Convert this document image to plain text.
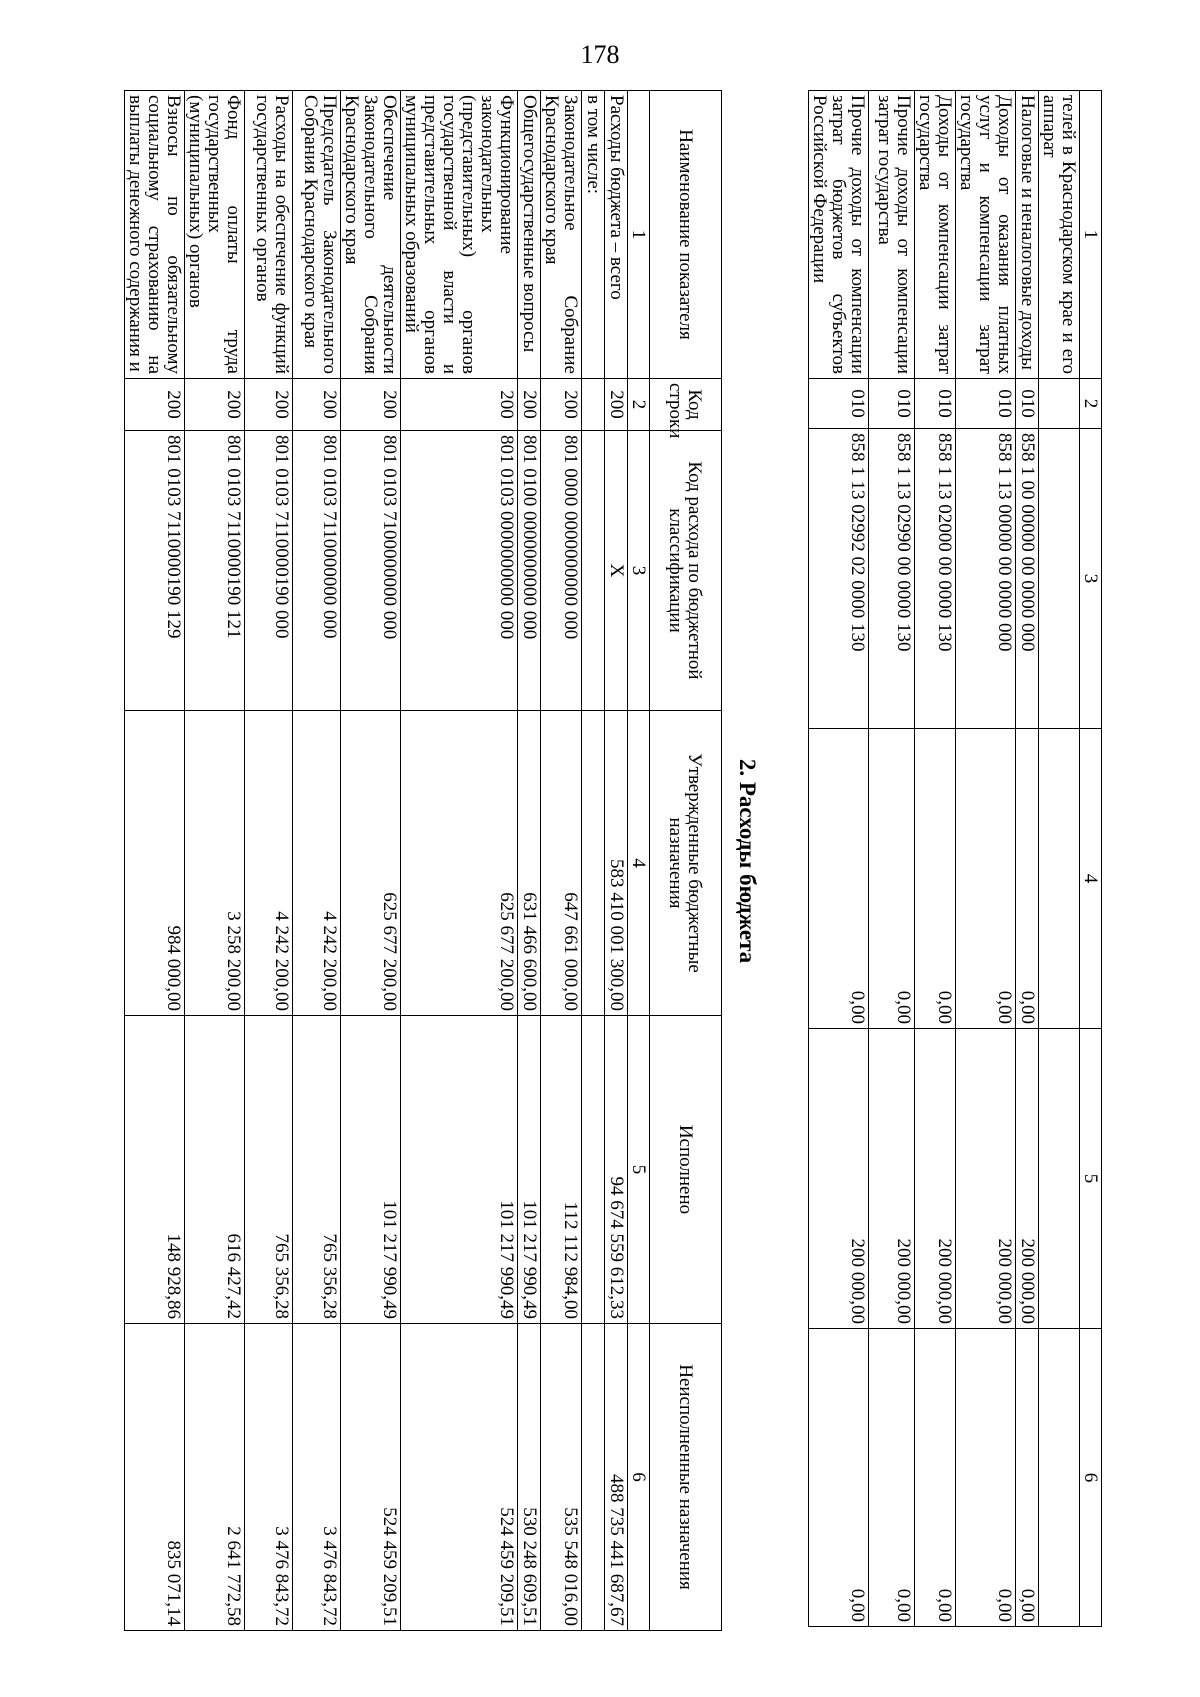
178
1	2	3	4	5	6
телей в Краснодарском крае и его аппарат					
Налоговые и неналоговые доходы	010	858 1 00 00000 00 0000 000	0,00	200 000,00	0,00
Доходы от оказания платных услуг и компенсации затрат государства	010	858 1 13 00000 00 0000 000	0,00	200 000,00	0,00
Доходы от компенсации затрат государства	010	858 1 13 02000 00 0000 130	0,00	200 000,00	0,00
Прочие доходы от компенсации затрат государства	010	858 1 13 02990 00 0000 130	0,00	200 000,00	0,00
Прочие доходы от компенсации затрат бюджетов субъектов Российской Федерации	010	858 1 13 02992 02 0000 130	0,00	200 000,00	0,00
2. Расходы бюджета
Наименование показателя	Код строки	Код расхода по бюджетной классификации	Утвержденные бюджетные назначения	Исполнено	Неисполненные назначения
1	2	3	4	5	6
Расходы бюджета – всего	200	X	583 410 001 300,00	94 674 559 612,33	488 735 441 687,67
в том числе:					
Законодательное Собрание Краснодарского края	200	801 0000 0000000000 000	647 661 000,00	112 112 984,00	535 548 016,00
Общегосударственные вопросы	200	801 0100 0000000000 000	631 466 600,00	101 217 990,49	530 248 609,51
Функционирование законодательных (представительных) органов государственной власти и представительных органов муниципальных образований	200	801 0103 0000000000 000	625 677 200,00	101 217 990,49	524 459 209,51
Обеспечение деятельности Законодательного Собрания Краснодарского края	200	801 0103 7100000000 000	625 677 200,00	101 217 990,49	524 459 209,51
Председатель Законодательного Собрания Краснодарского края	200	801 0103 7110000000 000	4 242 200,00	765 356,28	3 476 843,72
Расходы на обеспечение функций государственных органов	200	801 0103 7110000190 000	4 242 200,00	765 356,28	3 476 843,72
Фонд оплаты труда государственных (муниципальных) органов	200	801 0103 7110000190 121	3 258 200,00	616 427,42	2 641 772,58
Взносы по обязательному социальному страхованию на выплаты денежного содержания и	200	801 0103 7110000190 129	984 000,00	148 928,86	835 071,14
